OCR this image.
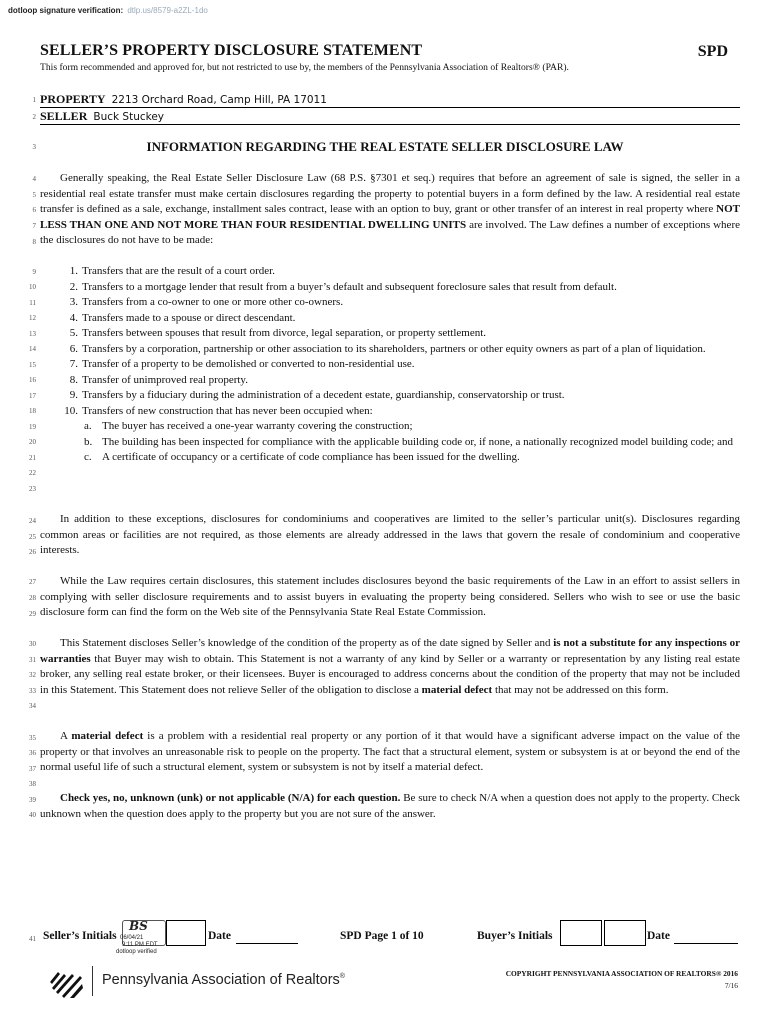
dotloop signature verification: dtlp.us/8579-a2ZL-1do
SELLER’S PROPERTY DISCLOSURE STATEMENT	SPD
This form recommended and approved for, but not restricted to use by, the members of the Pennsylvania Association of Realtors® (PAR).
1
2
3
4
5
6
7
8
9
10
11
12
13
14
15
16
17
18
19
20
21
22
23
24
25
26
27
28
29
30
31
32
33
34
35
36
37
38
39
40
41
PROPERTY 2213 Orchard Road, Camp Hill, PA 17011
SELLER Buck Stuckey
INFORMATION REGARDING THE REAL ESTATE SELLER DISCLOSURE LAW
Generally speaking, the Real Estate Seller Disclosure Law (68 P.S. §7301 et seq.) requires that before an agreement of sale is signed, the seller in a residential real estate transfer must make certain disclosures regarding the property to potential buyers in a form defined by the law. A residential real estate transfer is defined as a sale, exchange, installment sales contract, lease with an option to buy, grant or other transfer of an interest in real property where NOT LESS THAN ONE AND NOT MORE THAN FOUR RESIDENTIAL DWELLING UNITS are involved. The Law defines a number of exceptions where the disclosures do not have to be made:
1. Transfers that are the result of a court order.
2. Transfers to a mortgage lender that result from a buyer’s default and subsequent foreclosure sales that result from default.
3. Transfers from a co-owner to one or more other co-owners.
4. Transfers made to a spouse or direct descendant.
5. Transfers between spouses that result from divorce, legal separation, or property settlement.
6. Transfers by a corporation, partnership or other association to its shareholders, partners or other equity owners as part of a plan of liquidation.
7. Transfer of a property to be demolished or converted to non-residential use.
8. Transfer of unimproved real property.
9. Transfers by a fiduciary during the administration of a decedent estate, guardianship, conservatorship or trust.
10. Transfers of new construction that has never been occupied when:
a. The buyer has received a one-year warranty covering the construction;
b. The building has been inspected for compliance with the applicable building code or, if none, a nationally recognized model building code; and
c. A certificate of occupancy or a certificate of code compliance has been issued for the dwelling.
In addition to these exceptions, disclosures for condominiums and cooperatives are limited to the seller’s particular unit(s). Disclosures regarding common areas or facilities are not required, as those elements are already addressed in the laws that govern the resale of condominium and cooperative interests.
While the Law requires certain disclosures, this statement includes disclosures beyond the basic requirements of the Law in an effort to assist sellers in complying with seller disclosure requirements and to assist buyers in evaluating the property being considered. Sellers who wish to see or use the basic disclosure form can find the form on the Web site of the Pennsylvania State Real Estate Commission.
This Statement discloses Seller’s knowledge of the condition of the property as of the date signed by Seller and is not a substitute for any inspections or warranties that Buyer may wish to obtain. This Statement is not a warranty of any kind by Seller or a warranty or representation by any listing real estate broker, any selling real estate broker, or their licensees. Buyer is encouraged to address concerns about the condition of the property that may not be included in this Statement. This Statement does not relieve Seller of the obligation to disclose a material defect that may not be addressed on this form.
A material defect is a problem with a residential real property or any portion of it that would have a significant adverse impact on the value of the property or that involves an unreasonable risk to people on the property. The fact that a structural element, system or subsystem is at or beyond the end of the normal useful life of such a structural element, system or subsystem is not by itself a material defect.
Check yes, no, unknown (unk) or not applicable (N/A) for each question. Be sure to check N/A when a question does not apply to the property. Check unknown when the question does apply to the property but you are not sure of the answer.
Seller’s Initials
BS
06/04/21
9:11 PM EDT
dotloop verified
Date	SPD Page 1 of 10	Buyer’s Initials	Date
Pennsylvania Association of Realtors®	COPYRIGHT PENNSYLVANIA ASSOCIATION OF REALTORS® 2016
7/16
